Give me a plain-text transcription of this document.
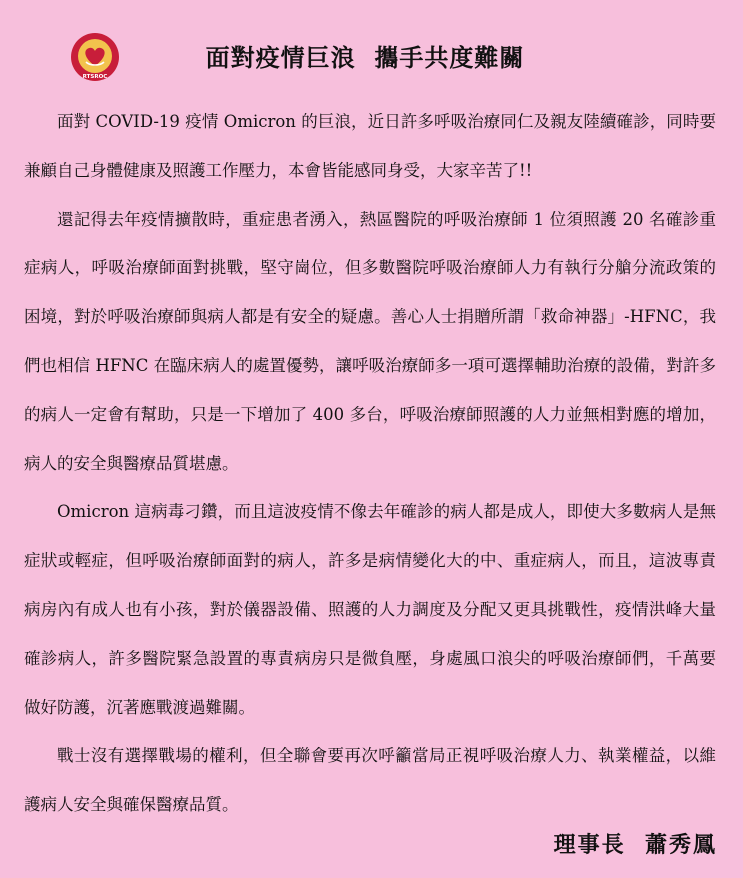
RTSROC
面對疫情巨浪  攜手共度難關

面對 COVID-19 疫情 Omicron 的巨浪，近日許多呼吸治療同仁及親友陸續確診，同時要兼顧自己身體健康及照護工作壓力，本會皆能感同身受，大家辛苦了!!

還記得去年疫情擴散時，重症患者湧入，熱區醫院的呼吸治療師 1 位須照護 20 名確診重症病人，呼吸治療師面對挑戰，堅守崗位，但多數醫院呼吸治療師人力有執行分艙分流政策的困境，對於呼吸治療師與病人都是有安全的疑慮。善心人士捐贈所謂「救命神器」-HFNC，我們也相信 HFNC 在臨床病人的處置優勢，讓呼吸治療師多一項可選擇輔助治療的設備，對許多的病人一定會有幫助，只是一下增加了 400 多台，呼吸治療師照護的人力並無相對應的增加，病人的安全與醫療品質堪慮。

Omicron 這病毒刁鑽，而且這波疫情不像去年確診的病人都是成人，即使大多數病人是無症狀或輕症，但呼吸治療師面對的病人，許多是病情變化大的中、重症病人，而且，這波專責病房內有成人也有小孩，對於儀器設備、照護的人力調度及分配又更具挑戰性，疫情洪峰大量確診病人，許多醫院緊急設置的專責病房只是微負壓，身處風口浪尖的呼吸治療師們，千萬要做好防護，沉著應戰渡過難關。

戰士沒有選擇戰場的權利，但全聯會要再次呼籲當局正視呼吸治療人力、執業權益，以維護病人安全與確保醫療品質。

理事長  蕭秀鳳
